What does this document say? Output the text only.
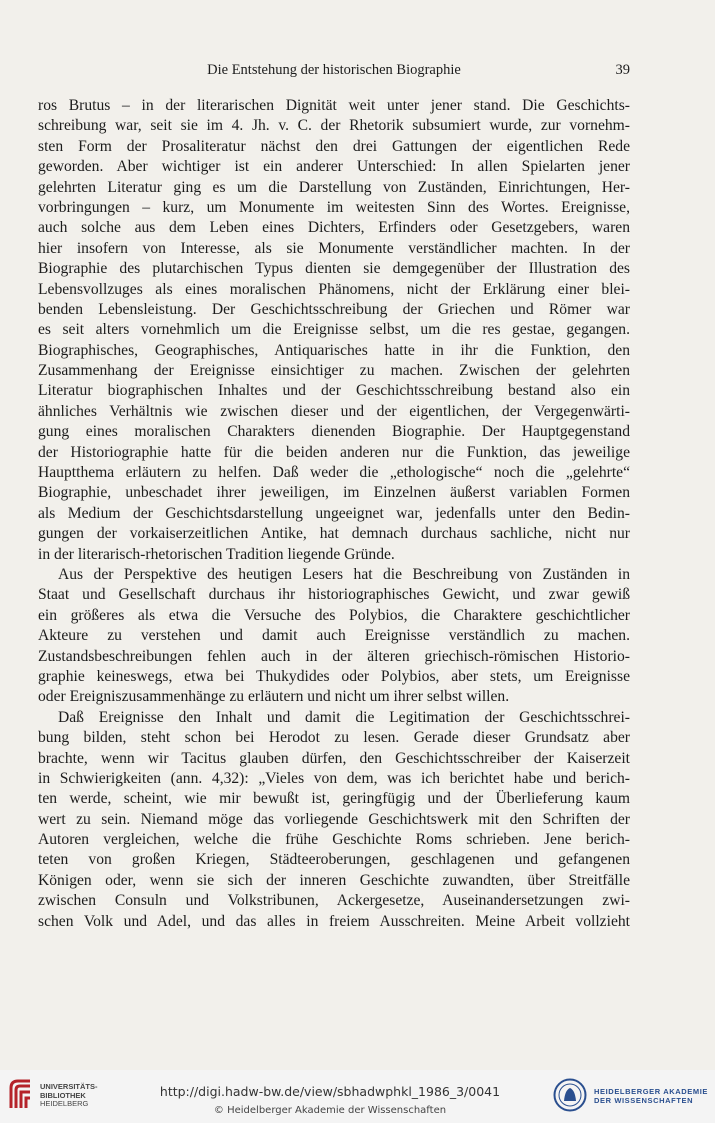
Die Entstehung der historischen Biographie	39
ros Brutus – in der literarischen Dignität weit unter jener stand. Die Geschichts-
schreibung war, seit sie im 4. Jh. v. C. der Rhetorik subsumiert wurde, zur vornehm-
sten Form der Prosaliteratur nächst den drei Gattungen der eigentlichen Rede
geworden. Aber wichtiger ist ein anderer Unterschied: In allen Spielarten jener
gelehrten Literatur ging es um die Darstellung von Zuständen, Einrichtungen, Her-
vorbringungen – kurz, um Monumente im weitesten Sinn des Wortes. Ereignisse,
auch solche aus dem Leben eines Dichters, Erfinders oder Gesetzgebers, waren
hier insofern von Interesse, als sie Monumente verständlicher machten. In der
Biographie des plutarchischen Typus dienten sie demgegenüber der Illustration des
Lebensvollzuges als eines moralischen Phänomens, nicht der Erklärung einer blei-
benden Lebensleistung. Der Geschichtsschreibung der Griechen und Römer war
es seit alters vornehmlich um die Ereignisse selbst, um die res gestae, gegangen.
Biographisches, Geographisches, Antiquarisches hatte in ihr die Funktion, den
Zusammenhang der Ereignisse einsichtiger zu machen. Zwischen der gelehrten
Literatur biographischen Inhaltes und der Geschichtsschreibung bestand also ein
ähnliches Verhältnis wie zwischen dieser und der eigentlichen, der Vergegenwärti-
gung eines moralischen Charakters dienenden Biographie. Der Hauptgegenstand
der Historiographie hatte für die beiden anderen nur die Funktion, das jeweilige
Hauptthema erläutern zu helfen. Daß weder die „ethologische“ noch die „gelehrte“
Biographie, unbeschadet ihrer jeweiligen, im Einzelnen äußerst variablen Formen
als Medium der Geschichtsdarstellung ungeeignet war, jedenfalls unter den Bedin-
gungen der vorkaiserzeitlichen Antike, hat demnach durchaus sachliche, nicht nur
in der literarisch-rhetorischen Tradition liegende Gründe.
Aus der Perspektive des heutigen Lesers hat die Beschreibung von Zuständen in
Staat und Gesellschaft durchaus ihr historiographisches Gewicht, und zwar gewiß
ein größeres als etwa die Versuche des Polybios, die Charaktere geschichtlicher
Akteure zu verstehen und damit auch Ereignisse verständlich zu machen.
Zustandsbeschreibungen fehlen auch in der älteren griechisch-römischen Historio-
graphie keineswegs, etwa bei Thukydides oder Polybios, aber stets, um Ereignisse
oder Ereigniszusammenhänge zu erläutern und nicht um ihrer selbst willen.
Daß Ereignisse den Inhalt und damit die Legitimation der Geschichtsschrei-
bung bilden, steht schon bei Herodot zu lesen. Gerade dieser Grundsatz aber
brachte, wenn wir Tacitus glauben dürfen, den Geschichtsschreiber der Kaiserzeit
in Schwierigkeiten (ann. 4,32): „Vieles von dem, was ich berichtet habe und berich-
ten werde, scheint, wie mir bewußt ist, geringfügig und der Überlieferung kaum
wert zu sein. Niemand möge das vorliegende Geschichtswerk mit den Schriften der
Autoren vergleichen, welche die frühe Geschichte Roms schrieben. Jene berich-
teten von großen Kriegen, Städteeroberungen, geschlagenen und gefangenen
Königen oder, wenn sie sich der inneren Geschichte zuwandten, über Streitfälle
zwischen Consuln und Volkstribunen, Ackergesetze, Auseinandersetzungen zwi-
schen Volk und Adel, und das alles in freiem Ausschreiten. Meine Arbeit vollzieht
UNIVERSITÄTS-
BIBLIOTHEK
HEIDELBERG
http://digi.hadw-bw.de/view/sbhadwphkl_1986_3/0041
© Heidelberger Akademie der Wissenschaften
HEIDELBERGER AKADEMIE
DER WISSENSCHAFTEN
